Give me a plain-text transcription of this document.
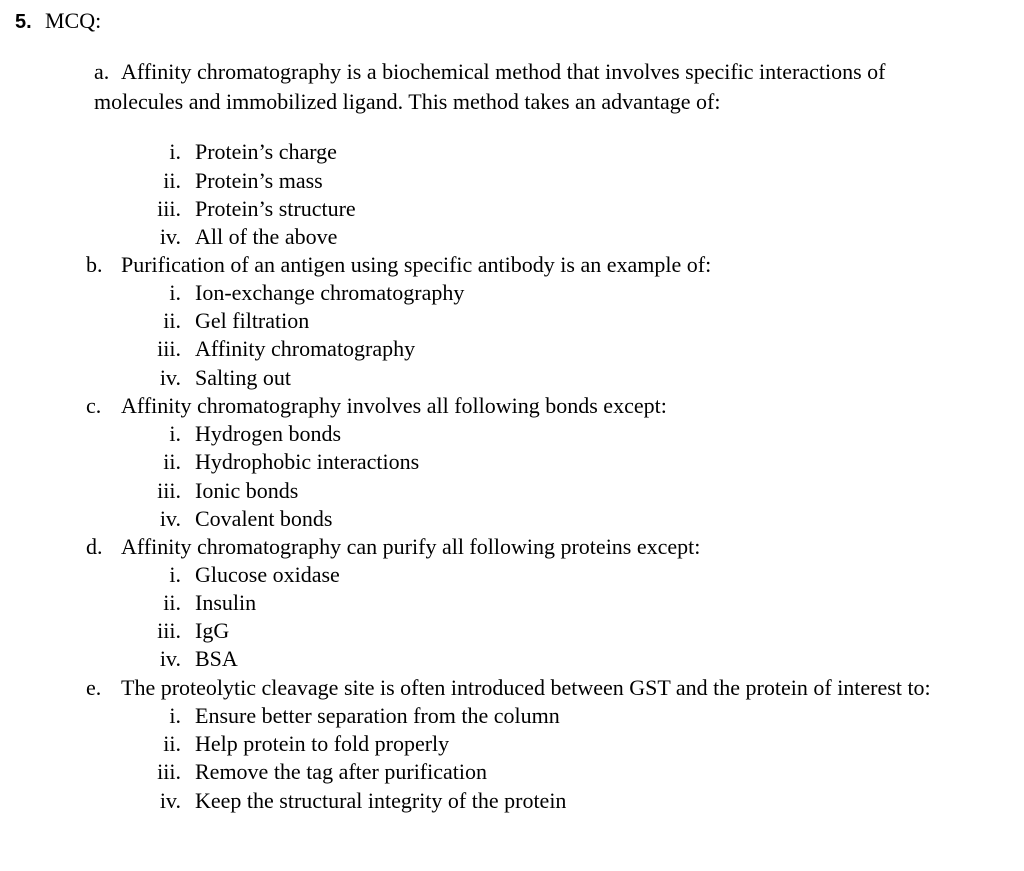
5. MCQ:
a. Affinity chromatography is a biochemical method that involves specific interactions of
molecules and immobilized ligand. This method takes an advantage of:
i. Protein’s charge
ii. Protein’s mass
iii. Protein’s structure
iv. All of the above
b. Purification of an antigen using specific antibody is an example of:
i. Ion-exchange chromatography
ii. Gel filtration
iii. Affinity chromatography
iv. Salting out
c. Affinity chromatography involves all following bonds except:
i. Hydrogen bonds
ii. Hydrophobic interactions
iii. Ionic bonds
iv. Covalent bonds
d. Affinity chromatography can purify all following proteins except:
i. Glucose oxidase
ii. Insulin
iii. IgG
iv. BSA
e. The proteolytic cleavage site is often introduced between GST and the protein of interest to:
i. Ensure better separation from the column
ii. Help protein to fold properly
iii. Remove the tag after purification
iv. Keep the structural integrity of the protein
